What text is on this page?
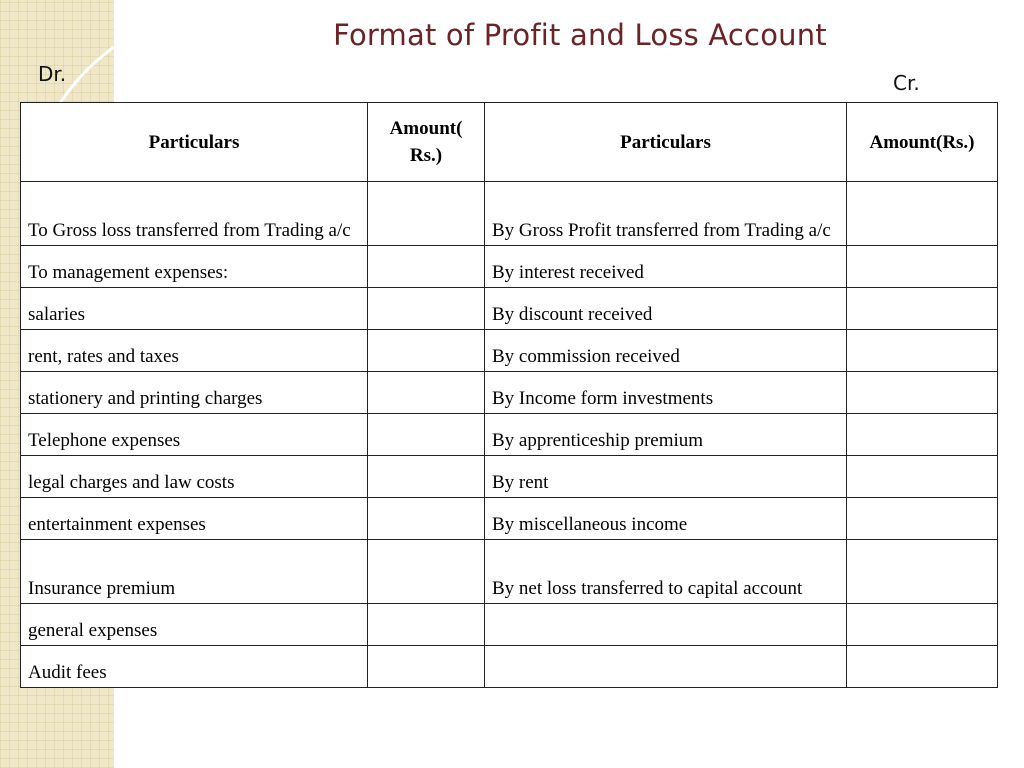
Format of Profit and Loss Account
Dr.	Cr.
Particulars	Amount( Rs.)	Particulars	Amount(Rs.)
To Gross loss transferred from Trading a/c		By Gross Profit transferred from Trading a/c	
To management expenses:		By interest received	
salaries		By discount received	
rent, rates and taxes		By commission received	
stationery and printing charges		By Income form investments	
Telephone expenses		By apprenticeship premium	
legal charges and law costs		By rent	
entertainment expenses		By miscellaneous income	
Insurance premium		By net loss transferred to capital account	
general expenses			
Audit fees			
